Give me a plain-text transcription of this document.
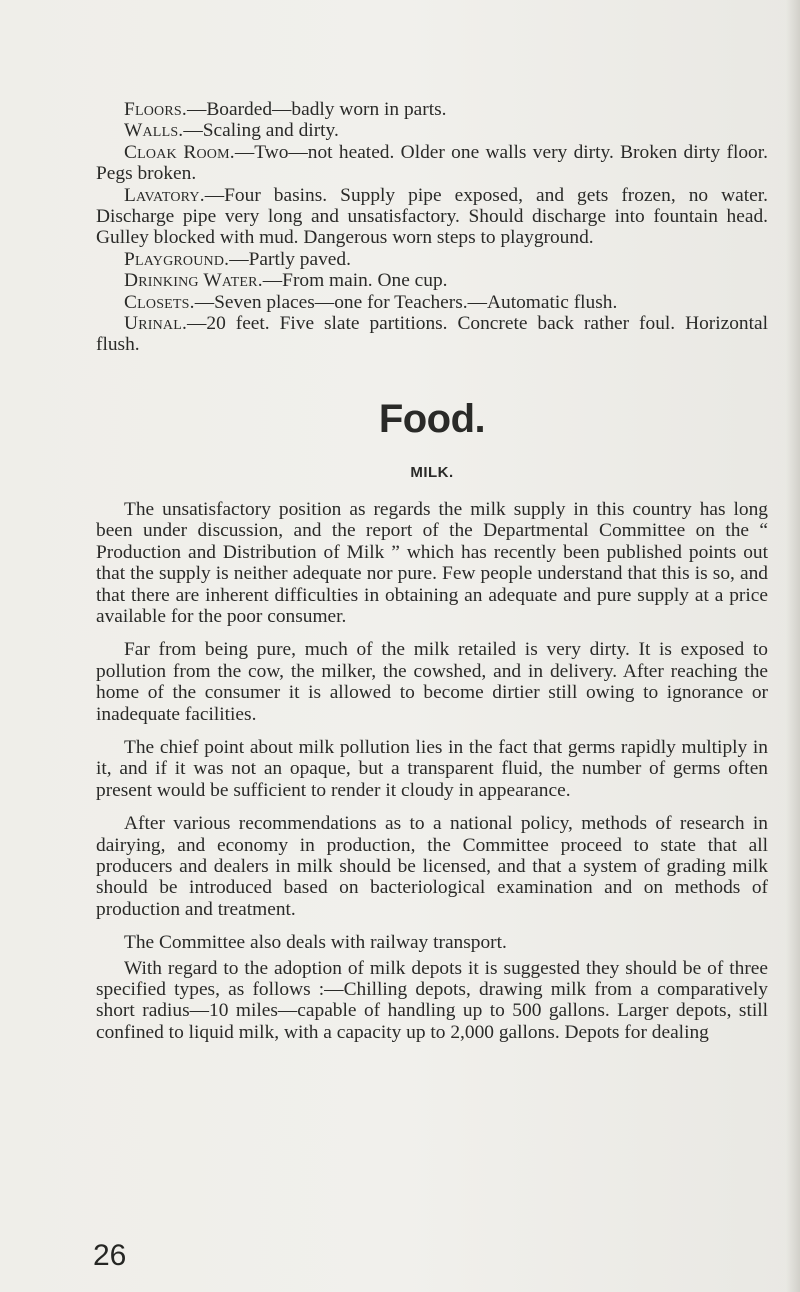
Floors.—Boarded—badly worn in parts.

Walls.—Scaling and dirty.

Cloak Room.—Two—not heated. Older one walls very dirty. Broken dirty floor. Pegs broken.

Lavatory.—Four basins. Supply pipe exposed, and gets frozen, no water. Discharge pipe very long and unsatisfactory. Should discharge into fountain head. Gulley blocked with mud. Dangerous worn steps to playground.

Playground.—Partly paved.

Drinking Water.—From main. One cup.

Closets.—Seven places—one for Teachers.—Automatic flush.

Urinal.—20 feet. Five slate partitions. Concrete back rather foul. Horizontal flush.

Food.
MILK.

The unsatisfactory position as regards the milk supply in this country has long been under discussion, and the report of the Departmental Committee on the “ Production and Distribution of Milk ” which has recently been published points out that the supply is neither adequate nor pure. Few people understand that this is so, and that there are inherent difficulties in obtaining an adequate and pure supply at a price available for the poor consumer.

Far from being pure, much of the milk retailed is very dirty. It is exposed to pollution from the cow, the milker, the cowshed, and in delivery. After reaching the home of the consumer it is allowed to become dirtier still owing to ignorance or inadequate facilities.

The chief point about milk pollution lies in the fact that germs rapidly multiply in it, and if it was not an opaque, but a transparent fluid, the number of germs often present would be sufficient to render it cloudy in appearance.

After various recommendations as to a national policy, methods of research in dairying, and economy in production, the Committee proceed to state that all producers and dealers in milk should be licensed, and that a system of grading milk should be introduced based on bacteriological examination and on methods of production and treatment.

The Committee also deals with railway transport.

With regard to the adoption of milk depots it is suggested they should be of three specified types, as follows :—Chilling depots, drawing milk from a comparatively short radius—10 miles—capable of handling up to 500 gallons. Larger depots, still confined to liquid milk, with a capacity up to 2,000 gallons. Depots for dealing

26
